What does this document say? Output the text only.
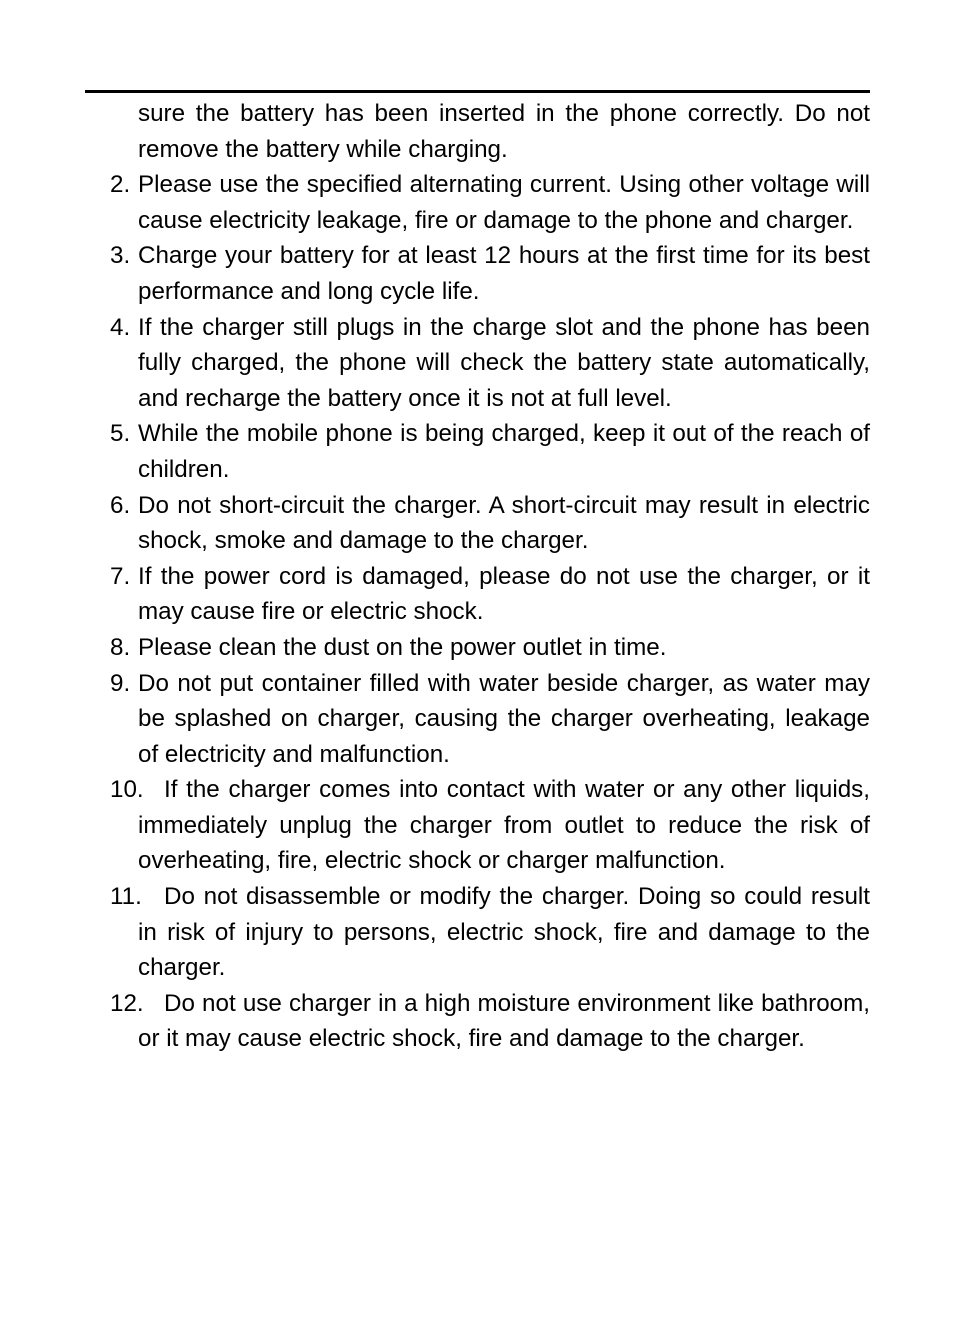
sure the battery has been inserted in the phone correctly. Do not remove the battery while charging.
2. Please use the specified alternating current. Using other voltage will cause electricity leakage, fire or damage to the phone and charger.
3. Charge your battery for at least 12 hours at the first time for its best performance and long cycle life.
4. If the charger still plugs in the charge slot and the phone has been fully charged, the phone will check the battery state automatically, and recharge the battery once it is not at full level.
5. While the mobile phone is being charged, keep it out of the reach of children.
6. Do not short-circuit the charger. A short-circuit may result in electric shock, smoke and damage to the charger.
7. If the power cord is damaged, please do not use the charger, or it may cause fire or electric shock.
8. Please clean the dust on the power outlet in time.
9. Do not put container filled with water beside charger, as water may be splashed on charger, causing the charger overheating, leakage of electricity and malfunction.
10. If the charger comes into contact with water or any other liquids, immediately unplug the charger from outlet to reduce the risk of overheating, fire, electric shock or charger malfunction.
11. Do not disassemble or modify the charger. Doing so could result in risk of injury to persons, electric shock, fire and damage to the charger.
12. Do not use charger in a high moisture environment like bathroom, or it may cause electric shock, fire and damage to the charger.
